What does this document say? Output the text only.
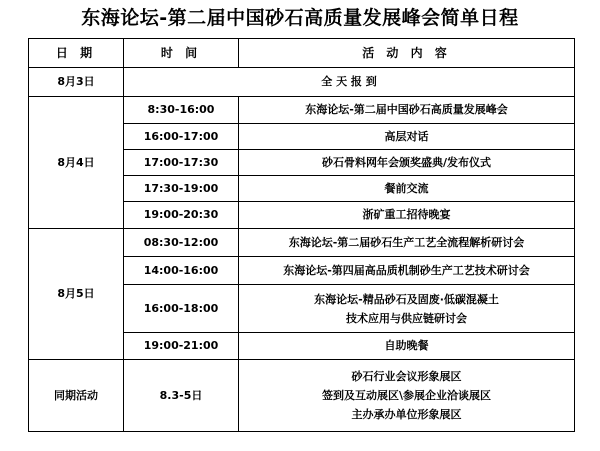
东海论坛-第二届中国砂石高质量发展峰会简单日程
日 期	时 间	活 动 内 容
8月3日	全 天 报 到	
8月4日	8:30-16:00	东海论坛-第二届中国砂石高质量发展峰会
	16:00-17:00	高层对话
	17:00-17:30	砂石骨料网年会颁奖盛典/发布仪式
	17:30-19:00	餐前交流
	19:00-20:30	浙矿重工招待晚宴
8月5日	08:30-12:00	东海论坛-第二届砂石生产工艺全流程解析研讨会
	14:00-16:00	东海论坛-第四届高品质机制砂生产工艺技术研讨会
	16:00-18:00	东海论坛-精品砂石及固废·低碳混凝土
技术应用与供应链研讨会

	19:00-21:00	自助晚餐
同期活动	8.3-5日	砂石行业会议形象展区
签到及互动展区\参展企业洽谈展区
主办承办单位形象展区
